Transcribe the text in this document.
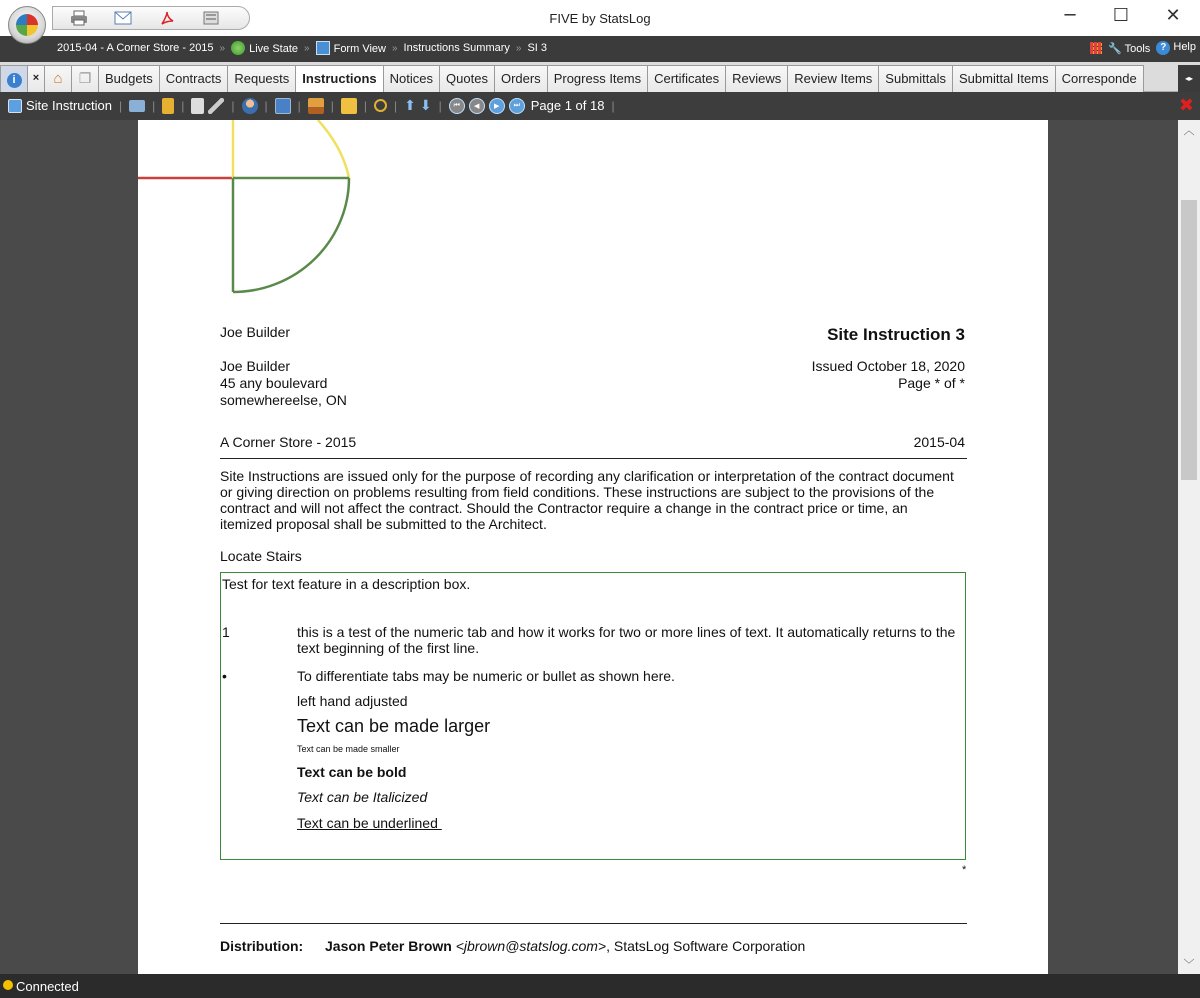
FIVE by StatsLog	─	☐	✕
2015-04 - A Corner Store - 2015 »	Live State »	Form View » Instructions Summary » SI 3	🔧 Tools ? Help
i	× ⌂	❐	Budgets	Contracts	Requests	Instructions	Notices	Quotes	Orders	Progress Items	Certificates	Reviews	Review Items	Submittals	Submittal Items	Corresponde	◂▸
Site Instruction |	| |	|	|	|	|	| | ⬆ ⬇ |	⏮	◀	▶	⏭ Page 1 of 18 |	✖
Joe Builder	Site Instruction 3
Joe Builder
45 any boulevard
somewhereelse, ON
Issued October 18, 2020
Page * of *
A Corner Store - 2015	2015-04
Site Instructions are issued only for the purpose of recording any clarification or interpretation of the contract document or giving direction on problems resulting from field conditions. These instructions are subject to the provisions of the contract and will not affect the contract. Should the Contractor require a change in the contract price or time, an itemized proposal shall be submitted to the Architect.
Locate Stairs
Test for text feature in a description box.
1	this is a test of the numeric tab and how it works for two or more lines of text. It automatically returns to the text beginning of the first line.
•	To differentiate tabs may be numeric or bullet as shown here.
left hand adjusted
Text can be made larger
Text can be made smaller
Text can be bold
Text can be Italicized
Text can be underlined
*
Distribution: Jason Peter Brown <jbrown@statslog.com>, StatsLog Software Corporation
︿
﹀
Connected
